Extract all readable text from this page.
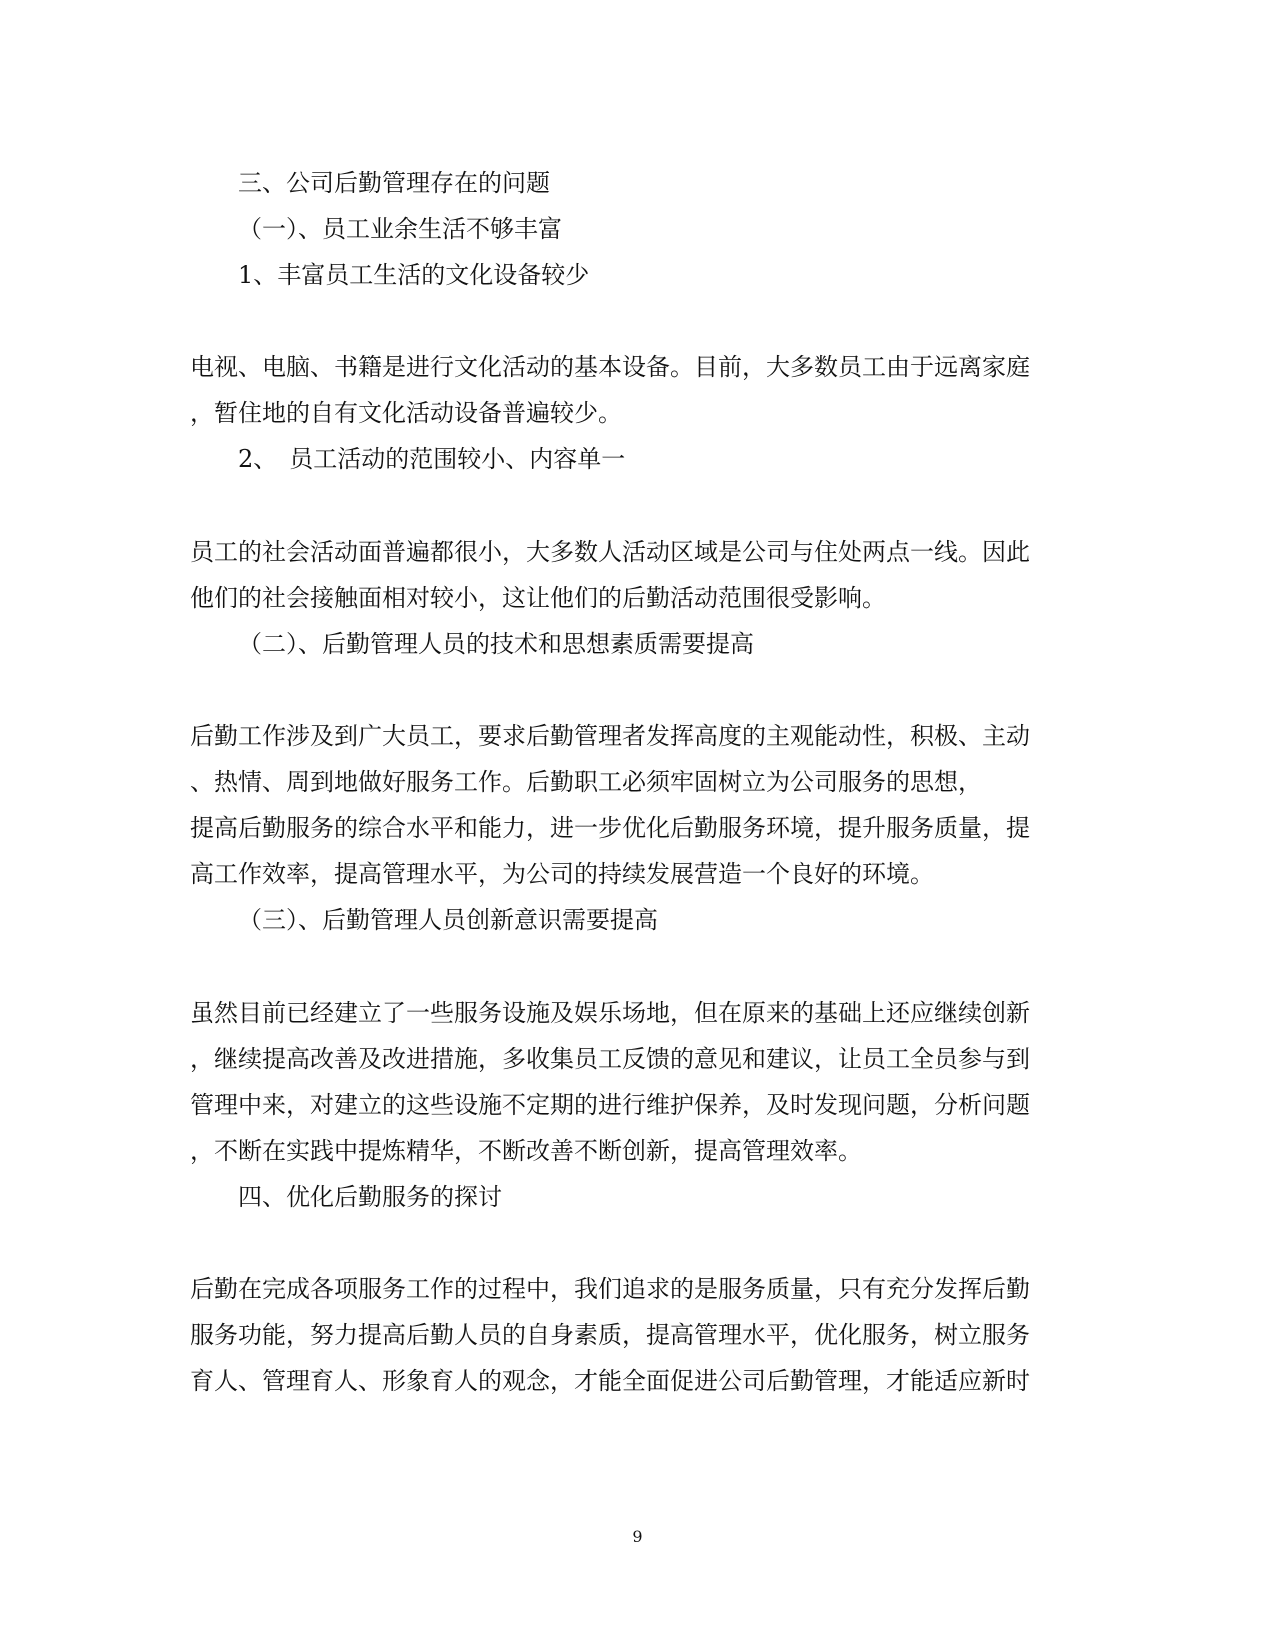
三、公司后勤管理存在的问题
（一）、员工业余生活不够丰富
1、丰富员工生活的文化设备较少
电视、电脑、书籍是进行文化活动的基本设备。目前，大多数员工由于远离家庭
，暂住地的自有文化活动设备普遍较少。
2、　员工活动的范围较小、内容单一
员工的社会活动面普遍都很小，大多数人活动区域是公司与住处两点一线。因此
他们的社会接触面相对较小，这让他们的后勤活动范围很受影响。
（二）、后勤管理人员的技术和思想素质需要提高
后勤工作涉及到广大员工，要求后勤管理者发挥高度的主观能动性，积极、主动
、热情、周到地做好服务工作。后勤职工必须牢固树立为公司服务的思想，
提高后勤服务的综合水平和能力，进一步优化后勤服务环境，提升服务质量，提
高工作效率，提高管理水平，为公司的持续发展营造一个良好的环境。
（三）、后勤管理人员创新意识需要提高
虽然目前已经建立了一些服务设施及娱乐场地，但在原来的基础上还应继续创新
，继续提高改善及改进措施，多收集员工反馈的意见和建议，让员工全员参与到
管理中来，对建立的这些设施不定期的进行维护保养，及时发现问题，分析问题
，不断在实践中提炼精华，不断改善不断创新，提高管理效率。
四、优化后勤服务的探讨
后勤在完成各项服务工作的过程中，我们追求的是服务质量，只有充分发挥后勤
服务功能，努力提高后勤人员的自身素质，提高管理水平，优化服务，树立服务
育人、管理育人、形象育人的观念，才能全面促进公司后勤管理，才能适应新时
9
